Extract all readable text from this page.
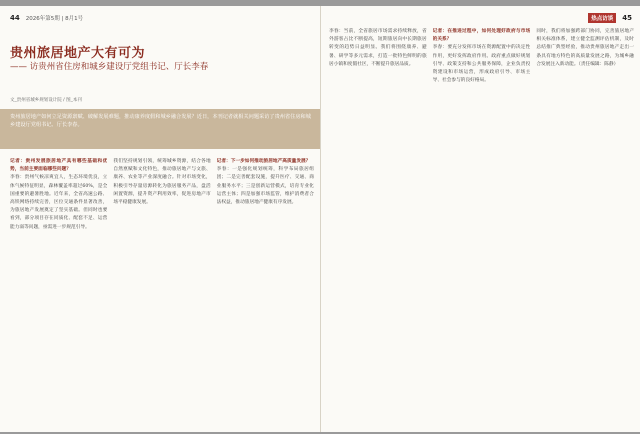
44 2026年第5期 | 8月1号
贵州旅居地产大有可为
—— 访贵州省住房和城乡建设厅党组书记、厅长李春
文_贵州省城乡规划设计院 / 图_本刊
贵州旅居地产如何立足资源禀赋、破解发展难题，推动康养度假和城乡融合发展？近日，本刊记者就相关问题采访了贵州省住房和城乡建设厅党组书记、厅长李春。

记者：贵州发展旅居地产具有哪些基础和优势，当前主要面临哪些问题？

李春：贵州气候凉爽宜人，生态环境优良，立体气候特征明显，森林覆盖率超过60%，是全国重要的避暑胜地。近年来，全省高速公路、高铁网络持续完善，区位交通条件显著改善，为旅居地产发展奠定了坚实基础。但同时也要看到，部分项目存在同质化、配套不足、运营能力弱等问题，亟需进一步规范引导。

我们坚持规划引领，统筹城乡资源，结合各地自然禀赋和文化特色，推动旅居地产与文旅、康养、农业等产业深度融合。针对市场变化，积极引导存量房源转化为旅居服务产品，盘活闲置资源，提升资产利用效率，促进房地产市场平稳健康发展。

记者：下一步如何推动旅居地产高质量发展？

李春：一是强化规划统筹，科学布局旅居组团；二是完善配套设施，提升医疗、交通、商业服务水平；三是创新运营模式，培育专业化运营主体；四是加强市场监管，维护消费者合法权益，推动旅居地产健康有序发展。

热点访谈	45

李春：当前，全省旅居市场需求持续释放，省外游客占比不断提高，短期旅居向中长期旅居转变的趋势日益明显。我们将围绕康养、避暑、研学等多元需求，打造一批特色鲜明的旅居小镇和度假社区，不断提升旅居品质。

记者：在推进过程中，如何处理好政府与市场的关系？

李春：要充分发挥市场在资源配置中的决定性作用，更好发挥政府作用。政府重点做好规划引导、政策支持和公共服务保障，企业负责投资建设和市场运营，形成政府引导、市场主导、社会参与的良好格局。

同时，我们将加强跨部门协同，完善旅居地产相关标准体系，建立健全监测评估机制，及时总结推广典型经验，推动贵州旅居地产走出一条具有地方特色的高质量发展之路，为城乡融合发展注入新动能。（责任编辑：陈静）
